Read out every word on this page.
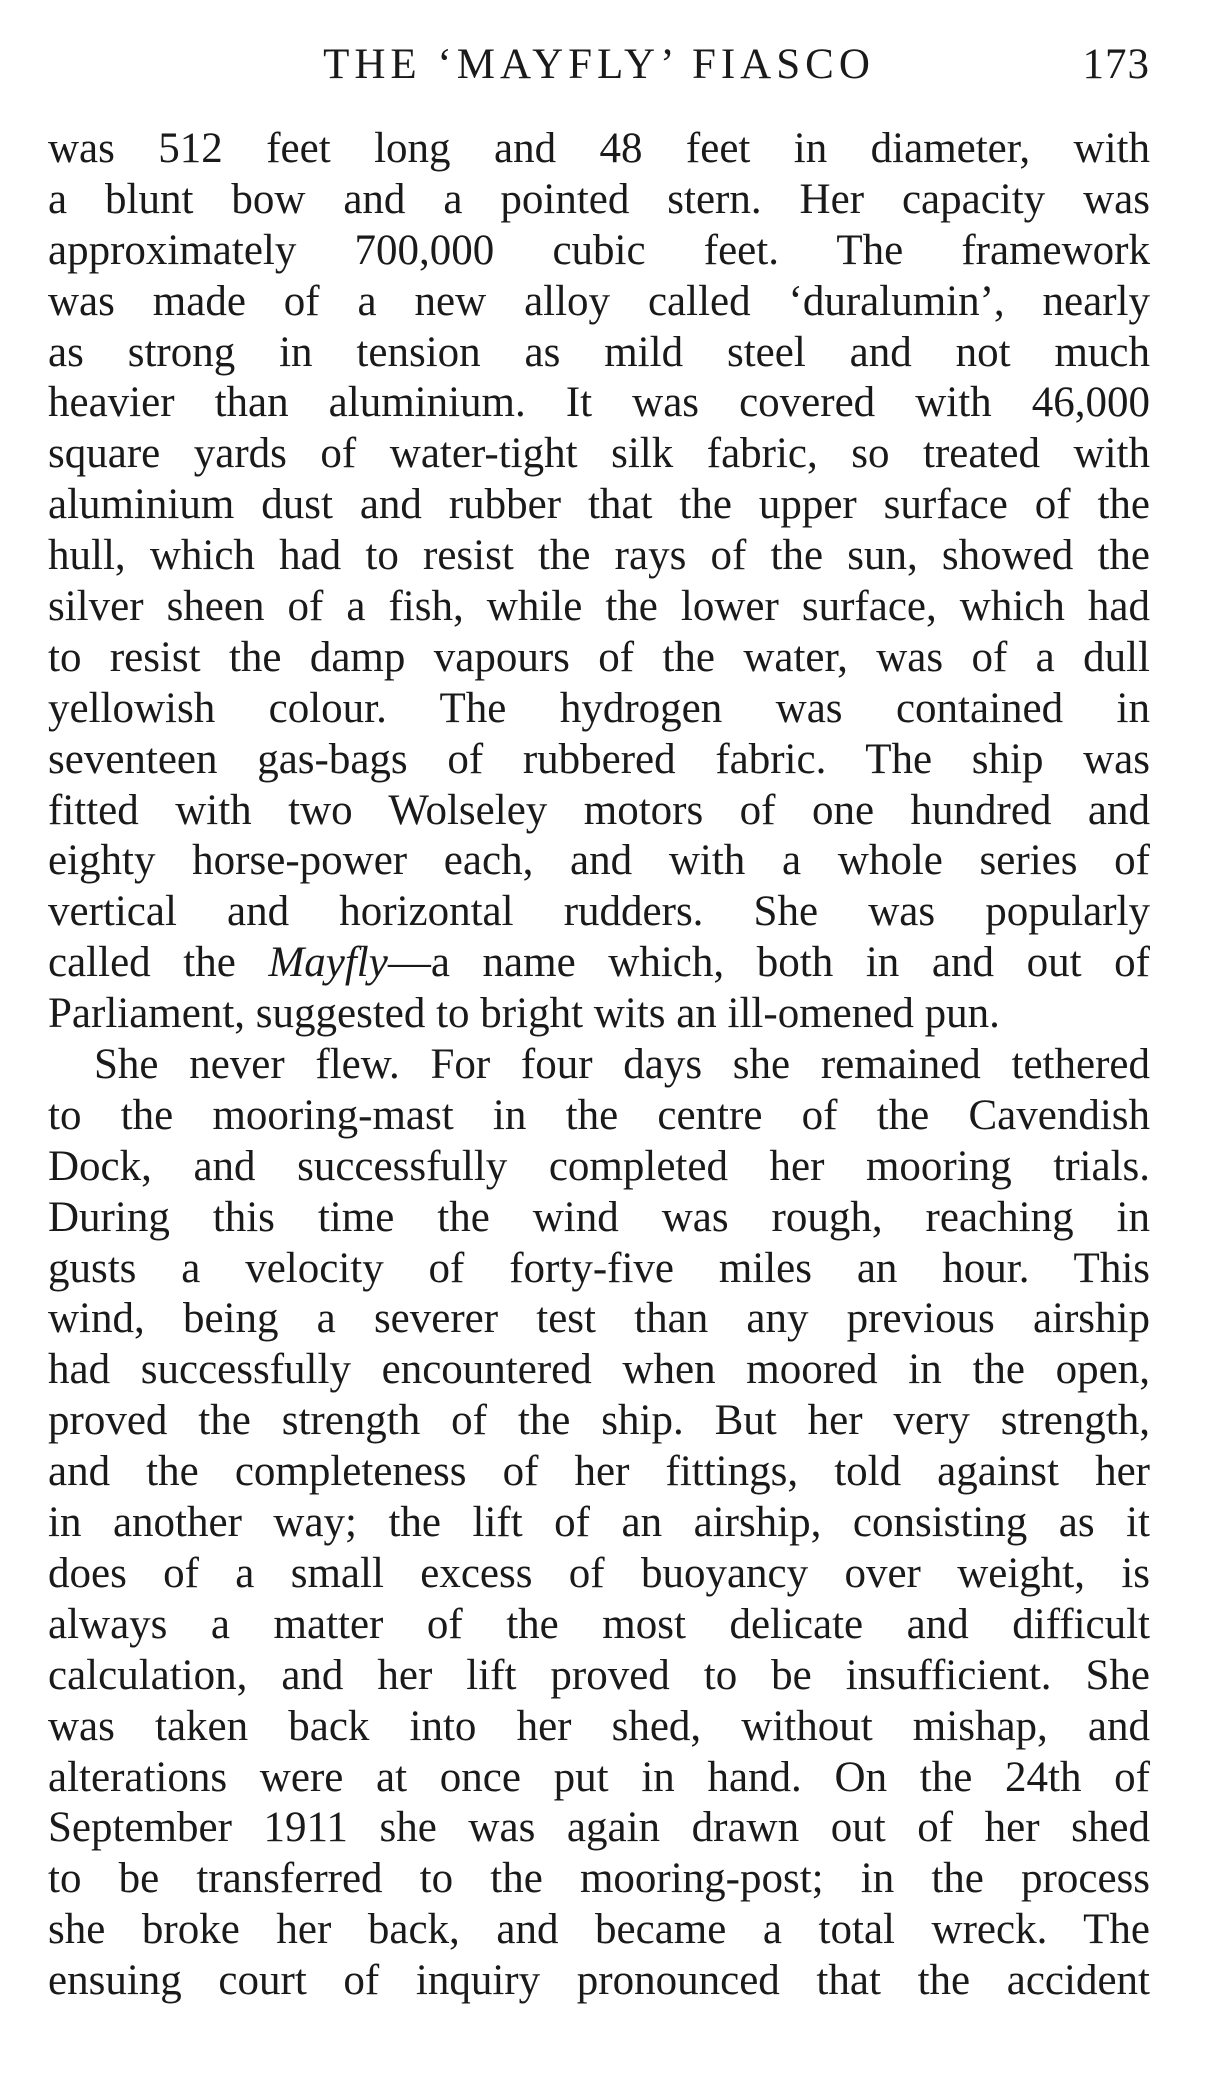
THE ‘MAYFLY’ FIASCO	173
was 512 feet long and 48 feet in diameter, with
a blunt bow and a pointed stern. Her capacity was
approximately 700,000 cubic feet. The framework
was made of a new alloy called ‘duralumin’, nearly
as strong in tension as mild steel and not much
heavier than aluminium. It was covered with 46,000
square yards of water-tight silk fabric, so treated with
aluminium dust and rubber that the upper surface of the
hull, which had to resist the rays of the sun, showed the
silver sheen of a fish, while the lower surface, which had
to resist the damp vapours of the water, was of a dull
yellowish colour. The hydrogen was contained in
seventeen gas-bags of rubbered fabric. The ship was
fitted with two Wolseley motors of one hundred and
eighty horse-power each, and with a whole series of
vertical and horizontal rudders. She was popularly
called the Mayfly—a name which, both in and out of
Parliament, suggested to bright wits an ill-omened pun.
She never flew. For four days she remained tethered
to the mooring-mast in the centre of the Cavendish
Dock, and successfully completed her mooring trials.
During this time the wind was rough, reaching in
gusts a velocity of forty-five miles an hour. This
wind, being a severer test than any previous airship
had successfully encountered when moored in the open,
proved the strength of the ship. But her very strength,
and the completeness of her fittings, told against her
in another way; the lift of an airship, consisting as it
does of a small excess of buoyancy over weight, is
always a matter of the most delicate and difficult
calculation, and her lift proved to be insufficient. She
was taken back into her shed, without mishap, and
alterations were at once put in hand. On the 24th of
September 1911 she was again drawn out of her shed
to be transferred to the mooring-post; in the process
she broke her back, and became a total wreck. The
ensuing court of inquiry pronounced that the accident
